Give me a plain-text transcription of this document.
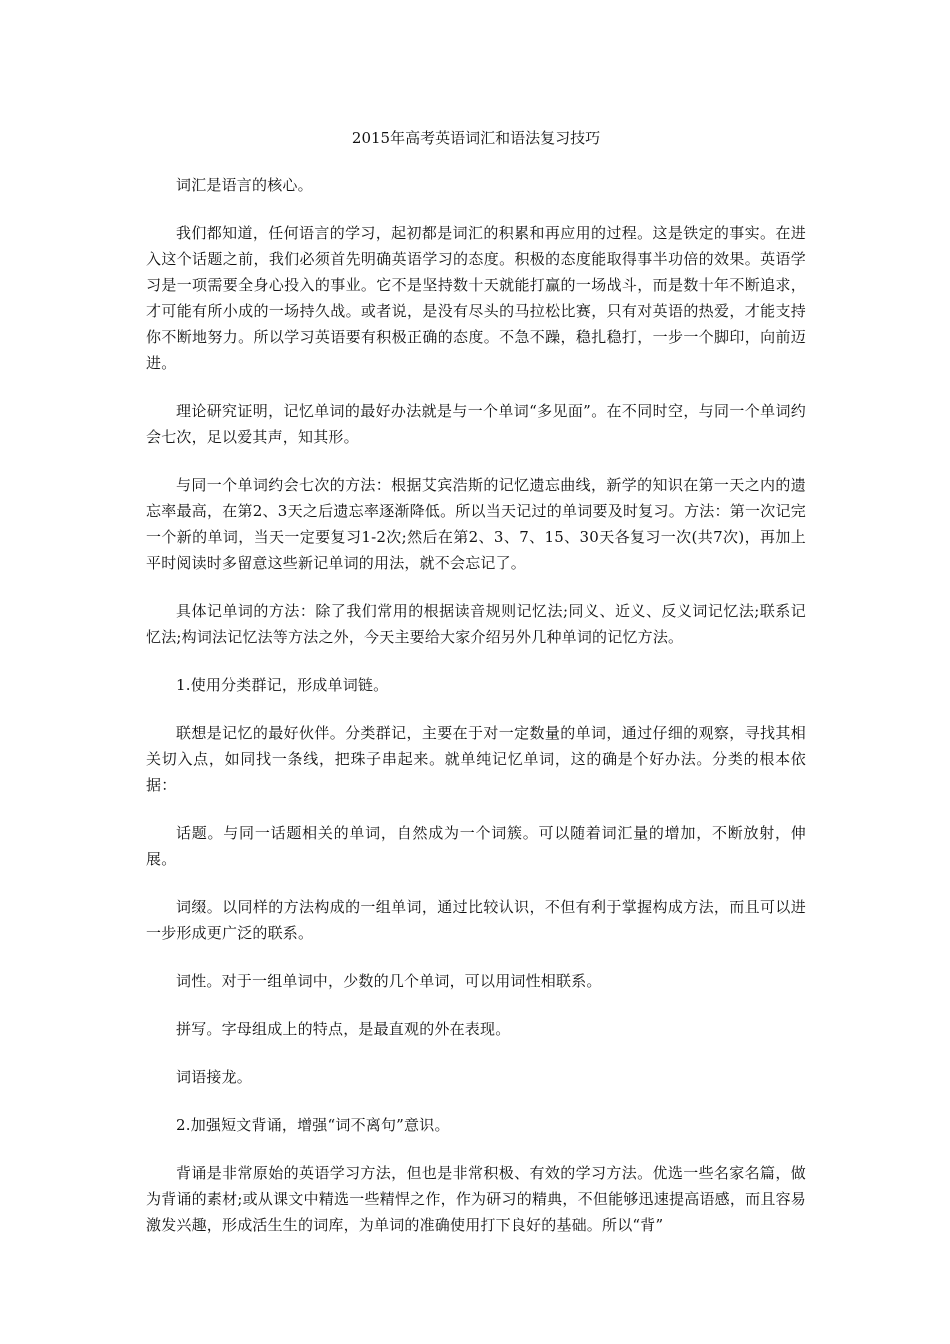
2015年高考英语词汇和语法复习技巧

词汇是语言的核心。

我们都知道，任何语言的学习，起初都是词汇的积累和再应用的过程。这是铁定的事实。在进入这个话题之前，我们必须首先明确英语学习的态度。积极的态度能取得事半功倍的效果。英语学习是一项需要全身心投入的事业。它不是坚持数十天就能打赢的一场战斗，而是数十年不断追求，才可能有所小成的一场持久战。或者说，是没有尽头的马拉松比赛，只有对英语的热爱，才能支持你不断地努力。所以学习英语要有积极正确的态度。不急不躁，稳扎稳打，一步一个脚印，向前迈进。

理论研究证明，记忆单词的最好办法就是与一个单词“多见面”。在不同时空，与同一个单词约会七次，足以爱其声，知其形。

与同一个单词约会七次的方法：根据艾宾浩斯的记忆遗忘曲线，新学的知识在第一天之内的遗忘率最高，在第2、3天之后遗忘率逐渐降低。所以当天记过的单词要及时复习。方法：第一次记完一个新的单词，当天一定要复习1-2次;然后在第2、3、7、15、30天各复习一次(共7次)，再加上平时阅读时多留意这些新记单词的用法，就不会忘记了。

具体记单词的方法：除了我们常用的根据读音规则记忆法;同义、近义、反义词记忆法;联系记忆法;构词法记忆法等方法之外，今天主要给大家介绍另外几种单词的记忆方法。

1.使用分类群记，形成单词链。

联想是记忆的最好伙伴。分类群记，主要在于对一定数量的单词，通过仔细的观察，寻找其相关切入点，如同找一条线，把珠子串起来。就单纯记忆单词，这的确是个好办法。分类的根本依据：

话题。与同一话题相关的单词，自然成为一个词簇。可以随着词汇量的增加，不断放射，伸展。

词缀。以同样的方法构成的一组单词，通过比较认识，不但有利于掌握构成方法，而且可以进一步形成更广泛的联系。

词性。对于一组单词中，少数的几个单词，可以用词性相联系。

拼写。字母组成上的特点，是最直观的外在表现。

词语接龙。

2.加强短文背诵，增强“词不离句”意识。

背诵是非常原始的英语学习方法，但也是非常积极、有效的学习方法。优选一些名家名篇，做为背诵的素材;或从课文中精选一些精悍之作，作为研习的精典，不但能够迅速提高语感，而且容易激发兴趣，形成活生生的词库，为单词的准确使用打下良好的基础。所以“背”
